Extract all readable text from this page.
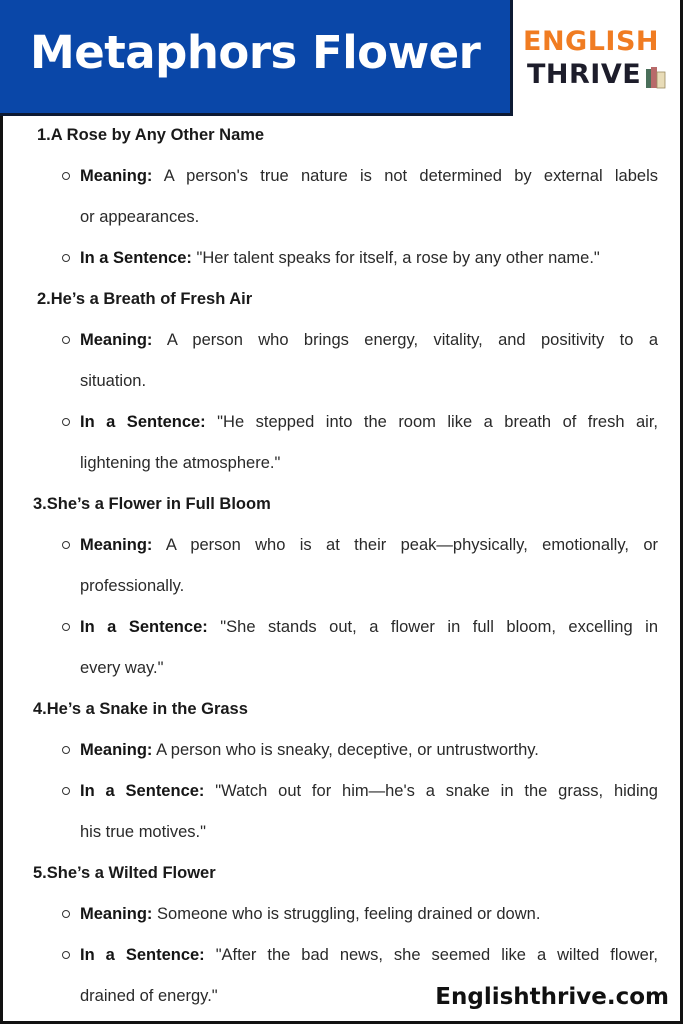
Metaphors Flower ENGLISH
THRIVE
1.A Rose by Any Other Name
Meaning: A person's true nature is not determined by external labels
or appearances.
In a Sentence: "Her talent speaks for itself, a rose by any other name."
2.He’s a Breath of Fresh Air
Meaning: A person who brings energy, vitality, and positivity to a
situation.
In a Sentence: "He stepped into the room like a breath of fresh air,
lightening the atmosphere."
3.She’s a Flower in Full Bloom
Meaning: A person who is at their peak—physically, emotionally, or
professionally.
In a Sentence: "She stands out, a flower in full bloom, excelling in
every way."
4.He’s a Snake in the Grass
Meaning: A person who is sneaky, deceptive, or untrustworthy.
In a Sentence: "Watch out for him—he's a snake in the grass, hiding
his true motives."
5.She’s a Wilted Flower
Meaning: Someone who is struggling, feeling drained or down.
In a Sentence: "After the bad news, she seemed like a wilted flower,
drained of energy."	Englishthrive.com
